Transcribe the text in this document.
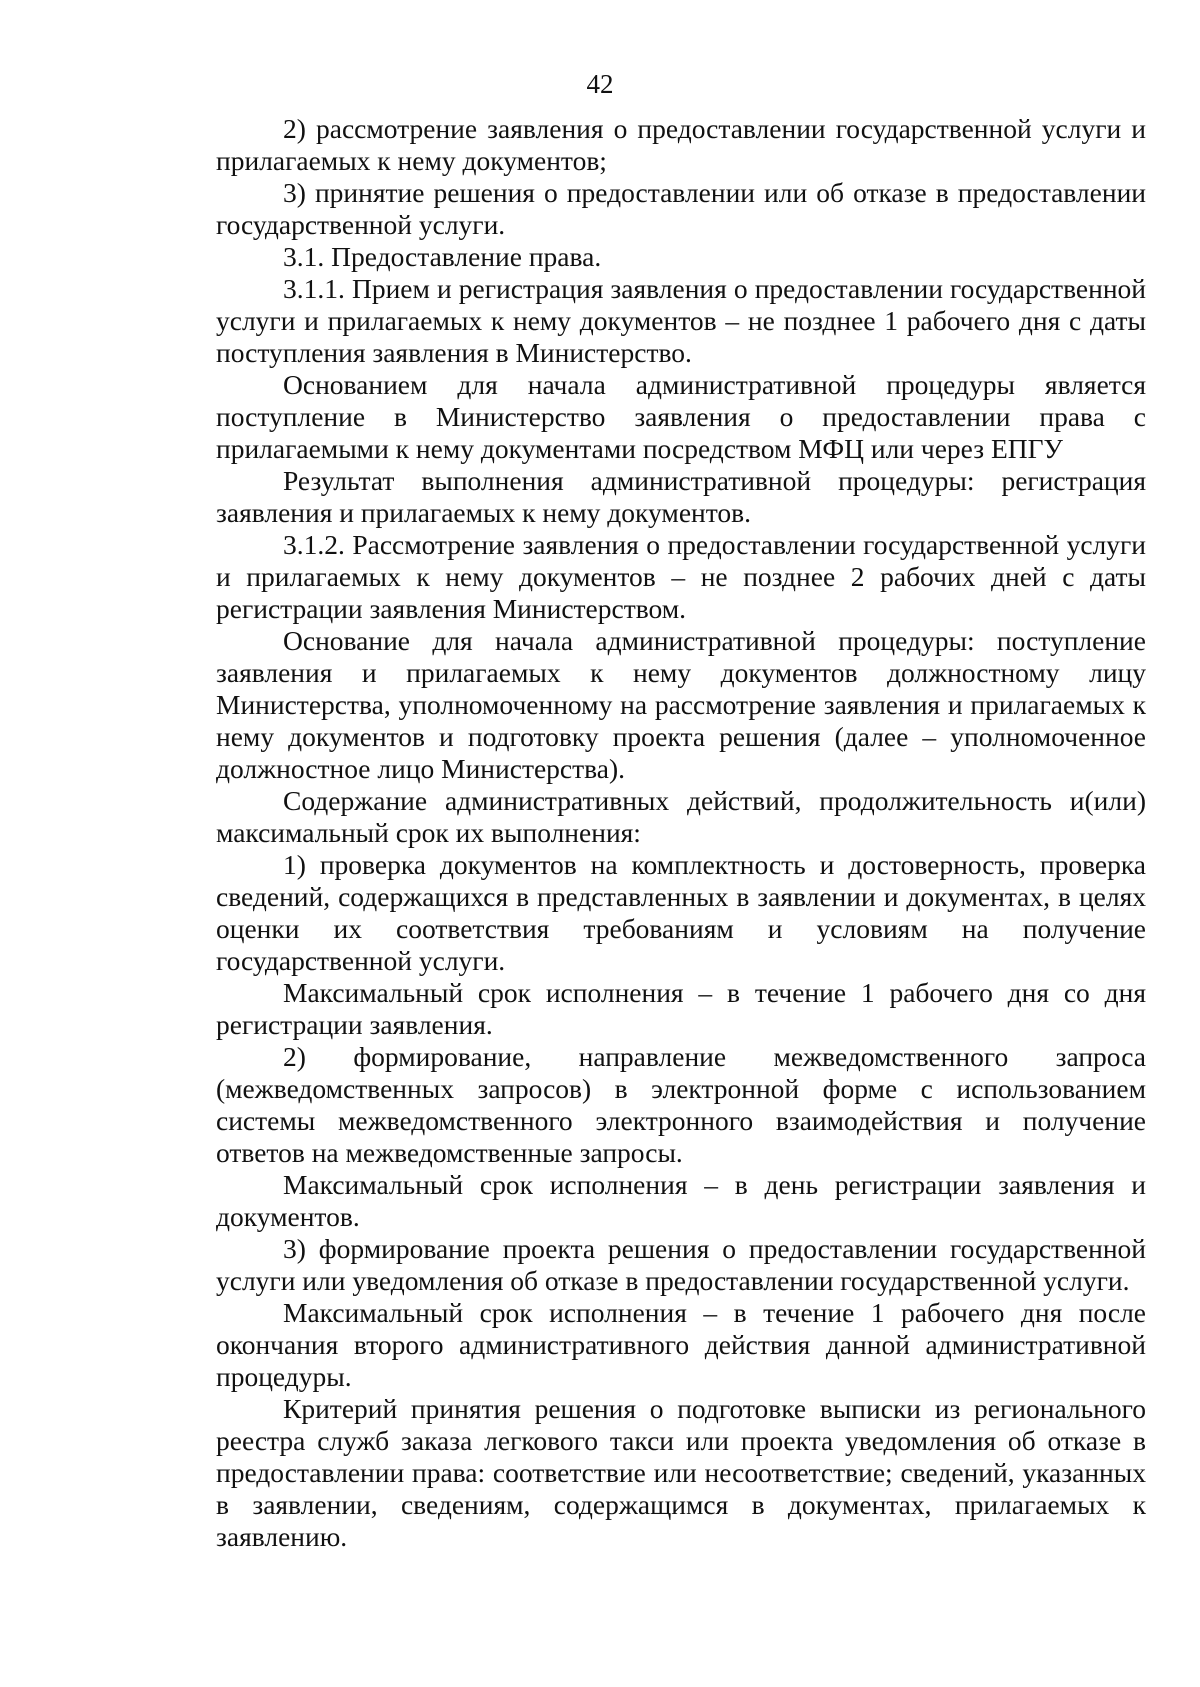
42

2) рассмотрение заявления о предоставлении государственной услуги и прилагаемых к нему документов;

3) принятие решения о предоставлении или об отказе в предоставлении государственной услуги.

3.1. Предоставление права.

3.1.1. Прием и регистрация заявления о предоставлении государственной услуги и прилагаемых к нему документов – не позднее 1 рабочего дня с даты поступления заявления в Министерство.

Основанием для начала административной процедуры является поступление в Министерство заявления о предоставлении права с прилагаемыми к нему документами посредством МФЦ или через ЕПГУ

Результат выполнения административной процедуры: регистрация заявления и прилагаемых к нему документов.

3.1.2. Рассмотрение заявления о предоставлении государственной услуги и прилагаемых к нему документов – не позднее 2 рабочих дней с даты регистрации заявления Министерством.

Основание для начала административной процедуры: поступление заявления и прилагаемых к нему документов должностному лицу Министерства, уполномоченному на рассмотрение заявления и прилагаемых к нему документов и подготовку проекта решения (далее – уполномоченное должностное лицо Министерства).

Содержание административных действий, продолжительность и(или) максимальный срок их выполнения:

1) проверка документов на комплектность и достоверность, проверка сведений, содержащихся в представленных в заявлении и документах, в целях оценки их соответствия требованиям и условиям на получение государственной услуги.

Максимальный срок исполнения – в течение 1 рабочего дня со дня регистрации заявления.

2) формирование, направление межведомственного запроса (межведомственных запросов) в электронной форме с использованием системы межведомственного электронного взаимодействия и получение ответов на межведомственные запросы.

Максимальный срок исполнения – в день регистрации заявления и документов.

3) формирование проекта решения о предоставлении государственной услуги или уведомления об отказе в предоставлении государственной услуги.

Максимальный срок исполнения – в течение 1 рабочего дня после окончания второго административного действия данной административной процедуры.

Критерий принятия решения о подготовке выписки из регионального реестра служб заказа легкового такси или проекта уведомления об отказе в предоставлении права: соответствие или несоответствие; сведений, указанных в заявлении, сведениям, содержащимся в документах, прилагаемых к заявлению.
